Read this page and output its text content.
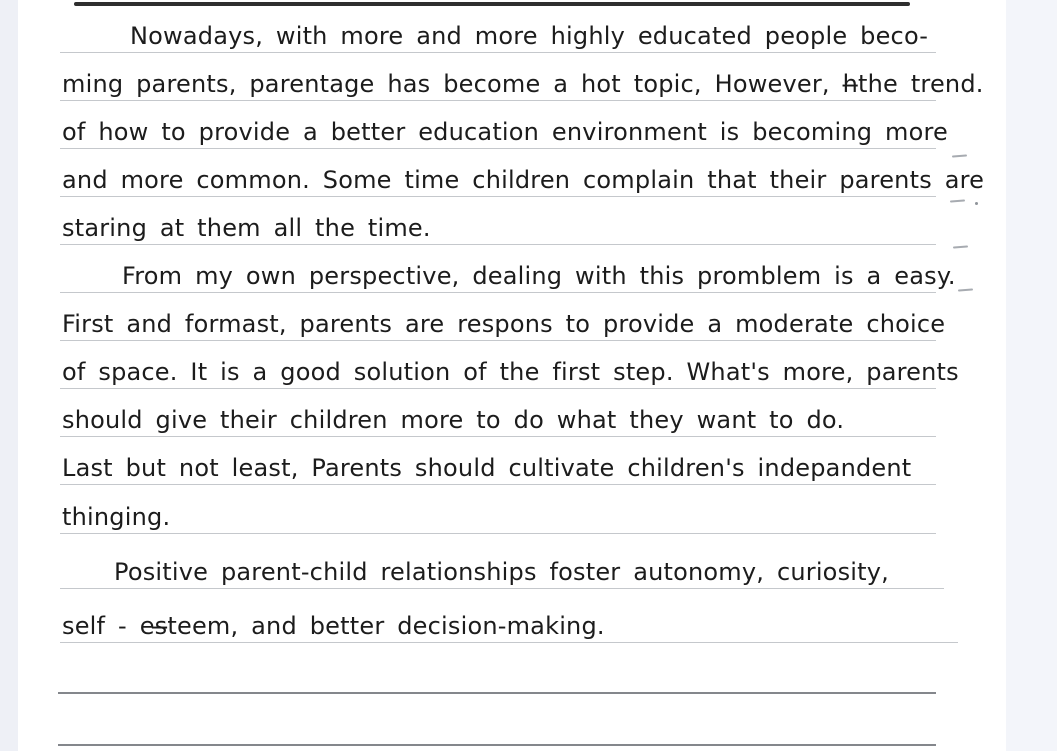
Nowadays, with more and more highly educated people beco-
ming parents, parentage has become a hot topic, However, h̶the trend.
of how to provide a better education environment is becoming more
and more common. Some time children complain that their parents are
staring at them all the time.
From my own perspective, dealing with this promblem is a easy.
First and formast, parents are respons to provide a moderate choice
of space. It is a good solution of the first step. What's more, parents
should give their children more to do what they want to do.
Last but not least, Parents should cultivate children's indepandent
thinging.
Positive parent-child relationships foster autonomy, curiosity,
self - es̶teem, and better decision-making.
